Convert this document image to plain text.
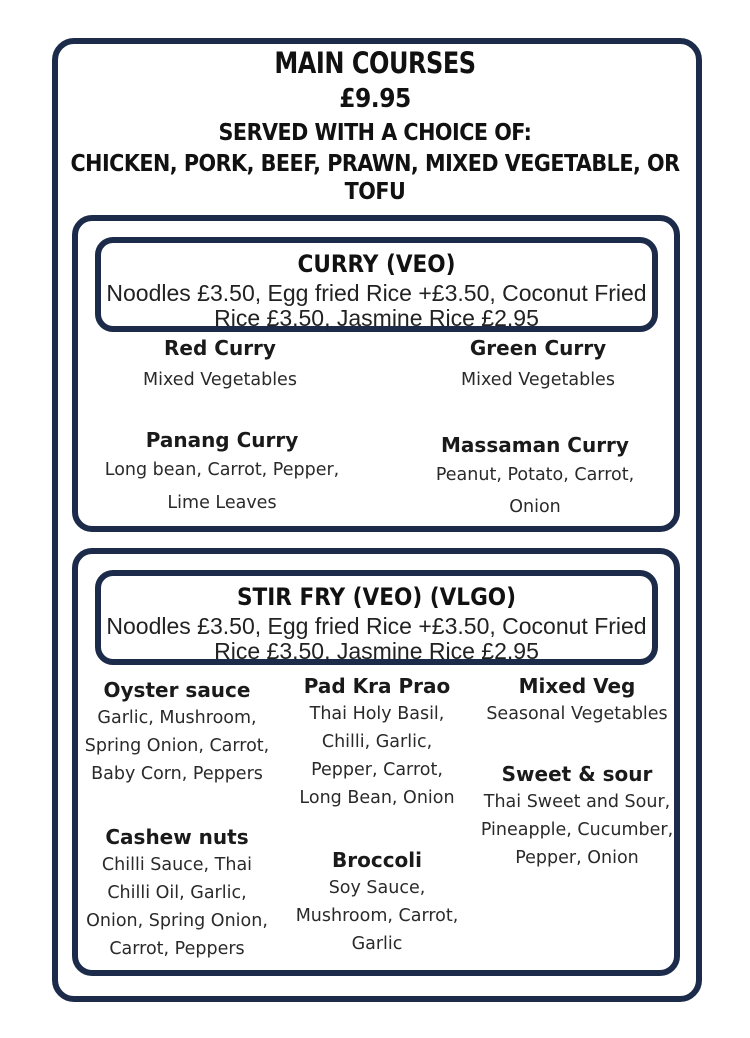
MAIN COURSES
£9.95
SERVED WITH A CHOICE OF:
CHICKEN, PORK, BEEF, PRAWN, MIXED VEGETABLE, OR TOFU
CURRY (VEO)
Noodles £3.50, Egg fried Rice +£3.50, Coconut Fried Rice £3.50, Jasmine Rice £2.95
Red Curry
Mixed Vegetables
Green Curry
Mixed Vegetables
Panang Curry
Long bean, Carrot, Pepper, Lime Leaves
Massaman Curry
Peanut, Potato, Carrot, Onion
STIR FRY (VEO) (VLGO)
Noodles £3.50, Egg fried Rice +£3.50, Coconut Fried Rice £3.50, Jasmine Rice £2.95
Oyster sauce
Garlic, Mushroom, Spring Onion, Carrot, Baby Corn, Peppers
Pad Kra Prao
Thai Holy Basil, Chilli, Garlic, Pepper, Carrot, Long Bean, Onion
Mixed Veg
Seasonal Vegetables
Sweet & sour
Thai Sweet and Sour, Pineapple, Cucumber, Pepper, Onion
Cashew nuts
Chilli Sauce, Thai Chilli Oil, Garlic, Onion, Spring Onion, Carrot, Peppers
Broccoli
Soy Sauce, Mushroom, Carrot, Garlic
